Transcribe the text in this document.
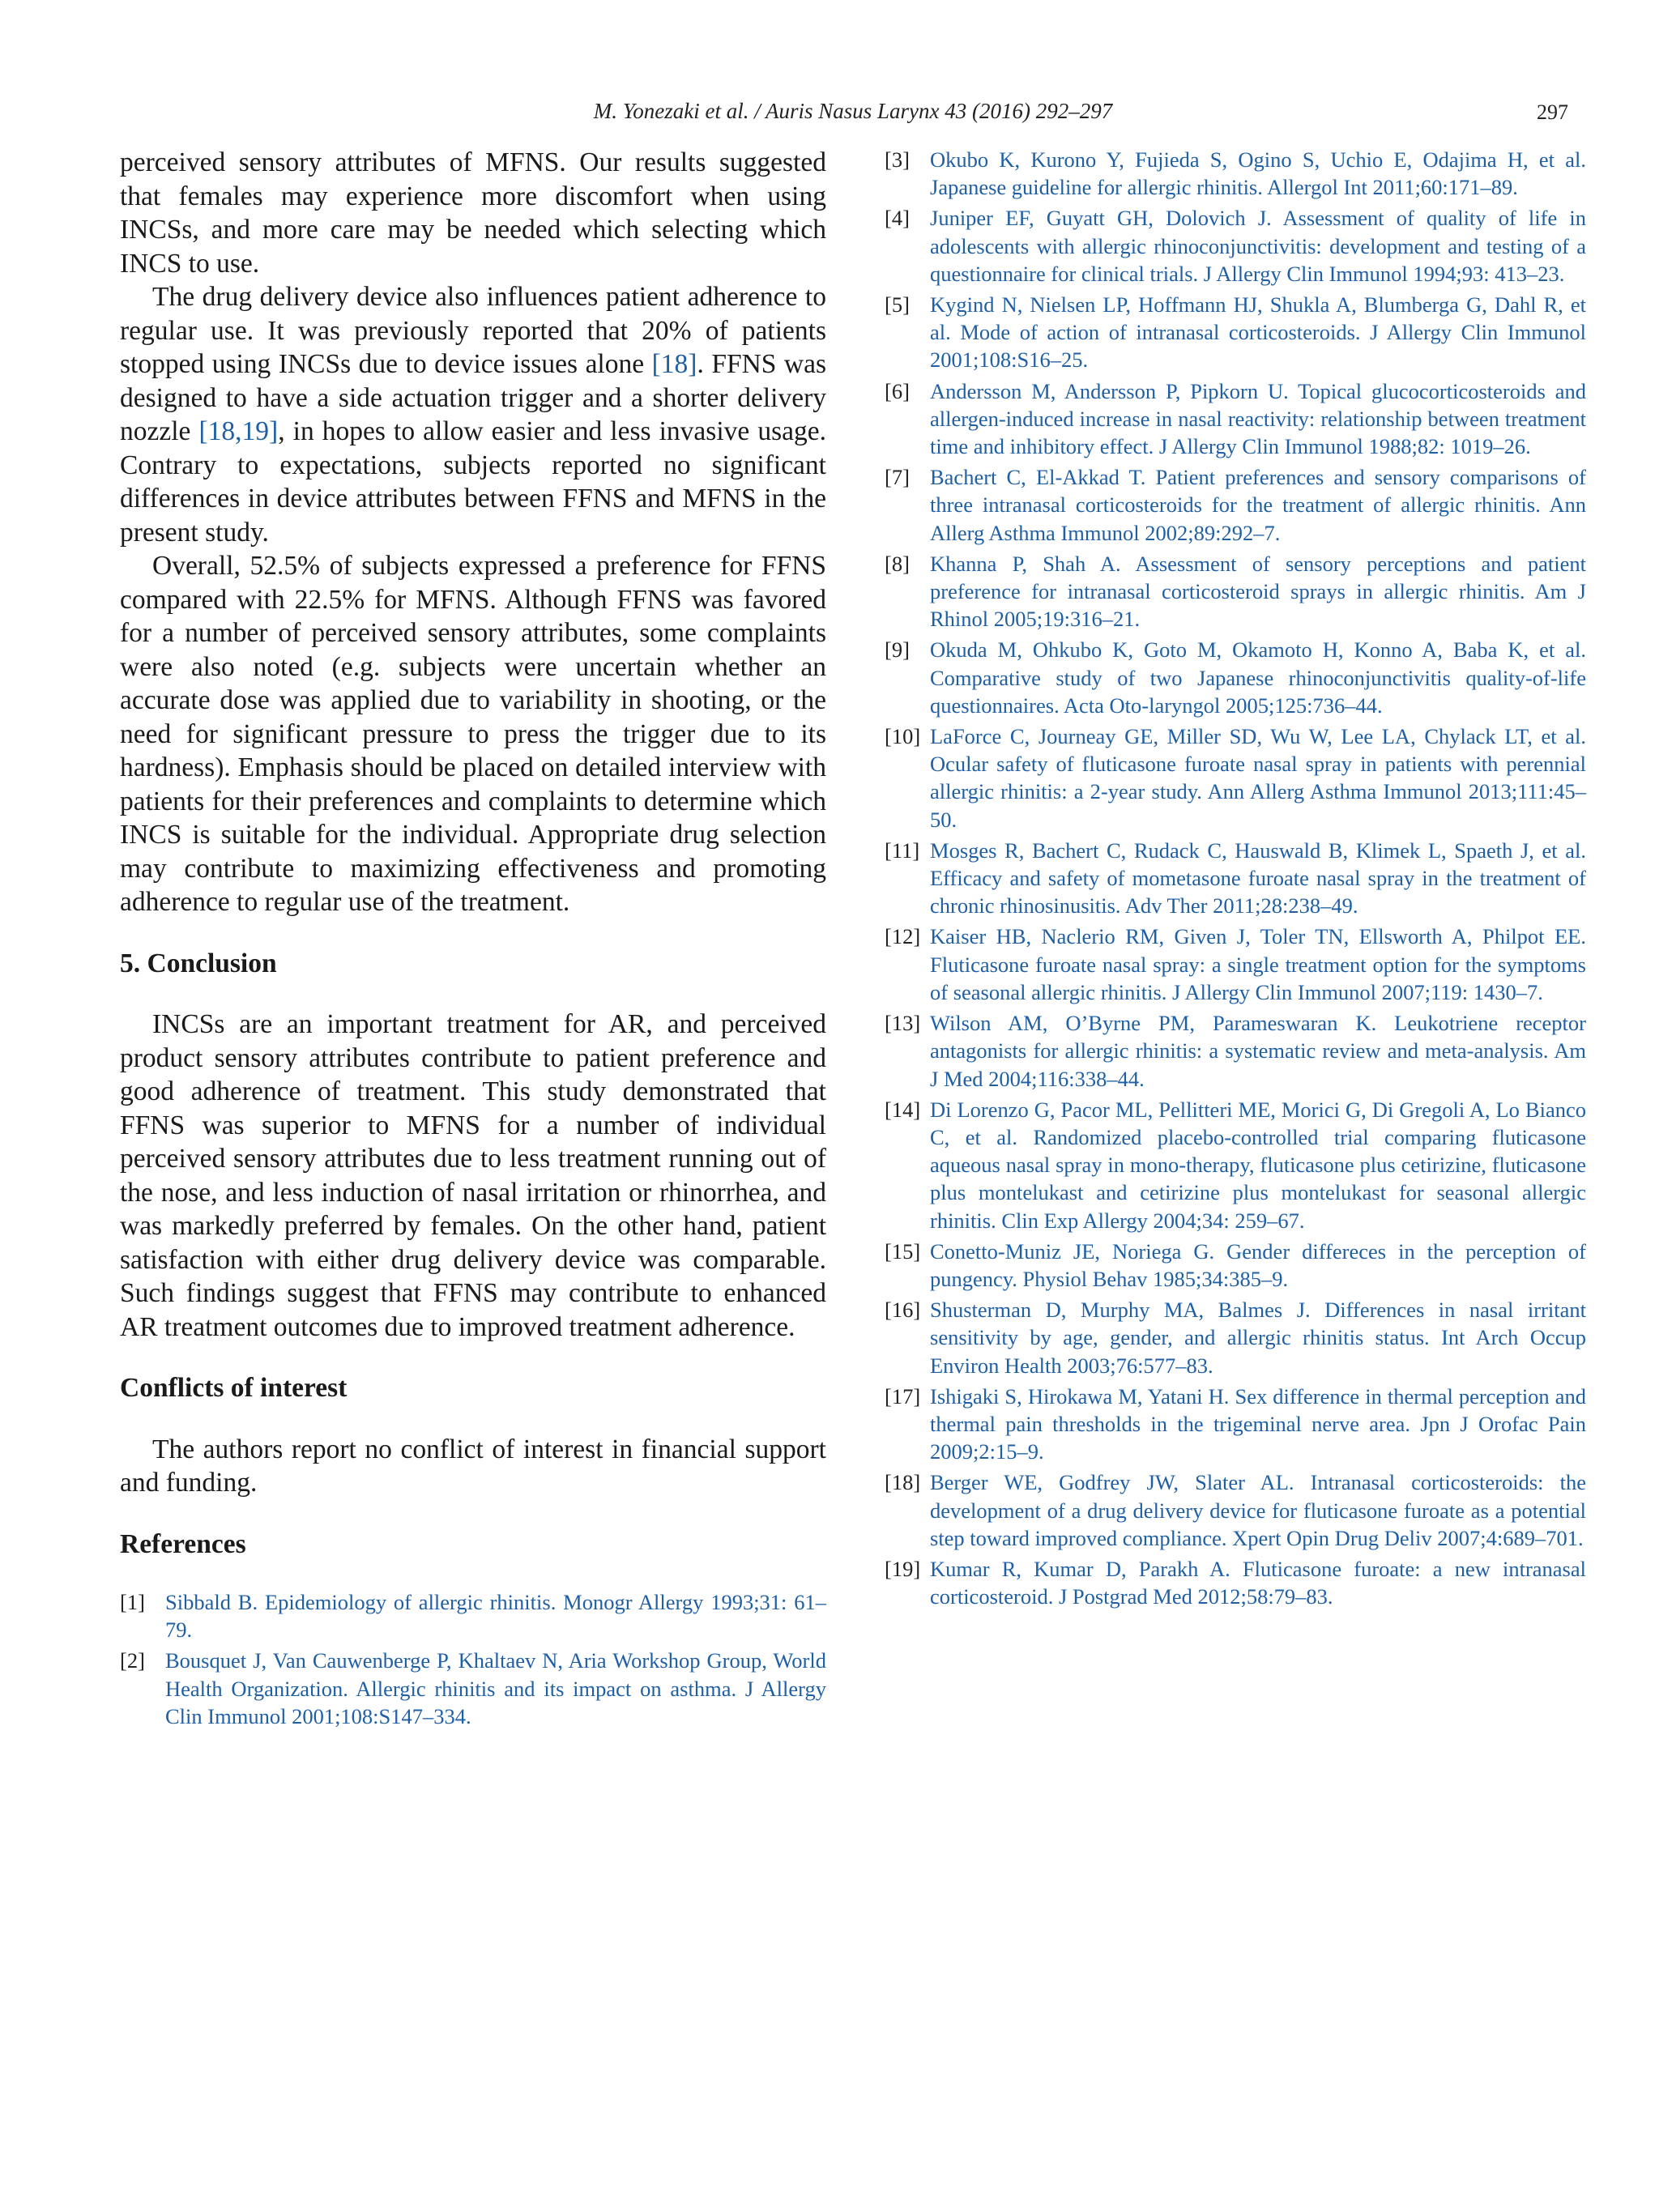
M. Yonezaki et al. / Auris Nasus Larynx 43 (2016) 292–297	297

perceived sensory attributes of MFNS. Our results suggested that females may experience more discomfort when using INCSs, and more care may be needed which selecting which INCS to use.

The drug delivery device also influences patient adherence to regular use. It was previously reported that 20% of patients stopped using INCSs due to device issues alone [18]. FFNS was designed to have a side actuation trigger and a shorter delivery nozzle [18,19], in hopes to allow easier and less invasive usage. Contrary to expectations, subjects reported no significant differences in device attributes between FFNS and MFNS in the present study.

Overall, 52.5% of subjects expressed a preference for FFNS compared with 22.5% for MFNS. Although FFNS was favored for a number of perceived sensory attributes, some complaints were also noted (e.g. subjects were uncertain whether an accurate dose was applied due to variability in shooting, or the need for significant pressure to press the trigger due to its hardness). Emphasis should be placed on detailed interview with patients for their preferences and complaints to determine which INCS is suitable for the individual. Appropriate drug selection may contribute to maximizing effectiveness and promoting adherence to regular use of the treatment.

5. Conclusion

INCSs are an important treatment for AR, and perceived product sensory attributes contribute to patient preference and good adherence of treatment. This study demonstrated that FFNS was superior to MFNS for a number of individual perceived sensory attributes due to less treatment running out of the nose, and less induction of nasal irritation or rhinorrhea, and was markedly preferred by females. On the other hand, patient satisfaction with either drug delivery device was comparable. Such findings suggest that FFNS may contribute to enhanced AR treatment outcomes due to improved treatment adherence.

Conflicts of interest

The authors report no conflict of interest in financial support and funding.

References
[1] Sibbald B. Epidemiology of allergic rhinitis. Monogr Allergy 1993;31: 61–79.
[2] Bousquet J, Van Cauwenberge P, Khaltaev N, Aria Workshop Group, World Health Organization. Allergic rhinitis and its impact on asthma. J Allergy Clin Immunol 2001;108:S147–334.
[3] Okubo K, Kurono Y, Fujieda S, Ogino S, Uchio E, Odajima H, et al. Japanese guideline for allergic rhinitis. Allergol Int 2011;60:171–89.
[4] Juniper EF, Guyatt GH, Dolovich J. Assessment of quality of life in adolescents with allergic rhinoconjunctivitis: development and testing of a questionnaire for clinical trials. J Allergy Clin Immunol 1994;93: 413–23.
[5] Kygind N, Nielsen LP, Hoffmann HJ, Shukla A, Blumberga G, Dahl R, et al. Mode of action of intranasal corticosteroids. J Allergy Clin Immunol 2001;108:S16–25.
[6] Andersson M, Andersson P, Pipkorn U. Topical glucocorticosteroids and allergen-induced increase in nasal reactivity: relationship between treatment time and inhibitory effect. J Allergy Clin Immunol 1988;82: 1019–26.
[7] Bachert C, El-Akkad T. Patient preferences and sensory comparisons of three intranasal corticosteroids for the treatment of allergic rhinitis. Ann Allerg Asthma Immunol 2002;89:292–7.
[8] Khanna P, Shah A. Assessment of sensory perceptions and patient preference for intranasal corticosteroid sprays in allergic rhinitis. Am J Rhinol 2005;19:316–21.
[9] Okuda M, Ohkubo K, Goto M, Okamoto H, Konno A, Baba K, et al. Comparative study of two Japanese rhinoconjunctivitis quality-of-life questionnaires. Acta Oto-laryngol 2005;125:736–44.
[10] LaForce C, Journeay GE, Miller SD, Wu W, Lee LA, Chylack LT, et al. Ocular safety of fluticasone furoate nasal spray in patients with perennial allergic rhinitis: a 2-year study. Ann Allerg Asthma Immunol 2013;111:45–50.
[11] Mosges R, Bachert C, Rudack C, Hauswald B, Klimek L, Spaeth J, et al. Efficacy and safety of mometasone furoate nasal spray in the treatment of chronic rhinosinusitis. Adv Ther 2011;28:238–49.
[12] Kaiser HB, Naclerio RM, Given J, Toler TN, Ellsworth A, Philpot EE. Fluticasone furoate nasal spray: a single treatment option for the symptoms of seasonal allergic rhinitis. J Allergy Clin Immunol 2007;119: 1430–7.
[13] Wilson AM, O’Byrne PM, Parameswaran K. Leukotriene receptor antagonists for allergic rhinitis: a systematic review and meta-analysis. Am J Med 2004;116:338–44.
[14] Di Lorenzo G, Pacor ML, Pellitteri ME, Morici G, Di Gregoli A, Lo Bianco C, et al. Randomized placebo-controlled trial comparing fluticasone aqueous nasal spray in mono-therapy, fluticasone plus cetirizine, fluticasone plus montelukast and cetirizine plus montelukast for seasonal allergic rhinitis. Clin Exp Allergy 2004;34: 259–67.
[15] Conetto-Muniz JE, Noriega G. Gender differeces in the perception of pungency. Physiol Behav 1985;34:385–9.
[16] Shusterman D, Murphy MA, Balmes J. Differences in nasal irritant sensitivity by age, gender, and allergic rhinitis status. Int Arch Occup Environ Health 2003;76:577–83.
[17] Ishigaki S, Hirokawa M, Yatani H. Sex difference in thermal perception and thermal pain thresholds in the trigeminal nerve area. Jpn J Orofac Pain 2009;2:15–9.
[18] Berger WE, Godfrey JW, Slater AL. Intranasal corticosteroids: the development of a drug delivery device for fluticasone furoate as a potential step toward improved compliance. Xpert Opin Drug Deliv 2007;4:689–701.
[19] Kumar R, Kumar D, Parakh A. Fluticasone furoate: a new intranasal corticosteroid. J Postgrad Med 2012;58:79–83.
